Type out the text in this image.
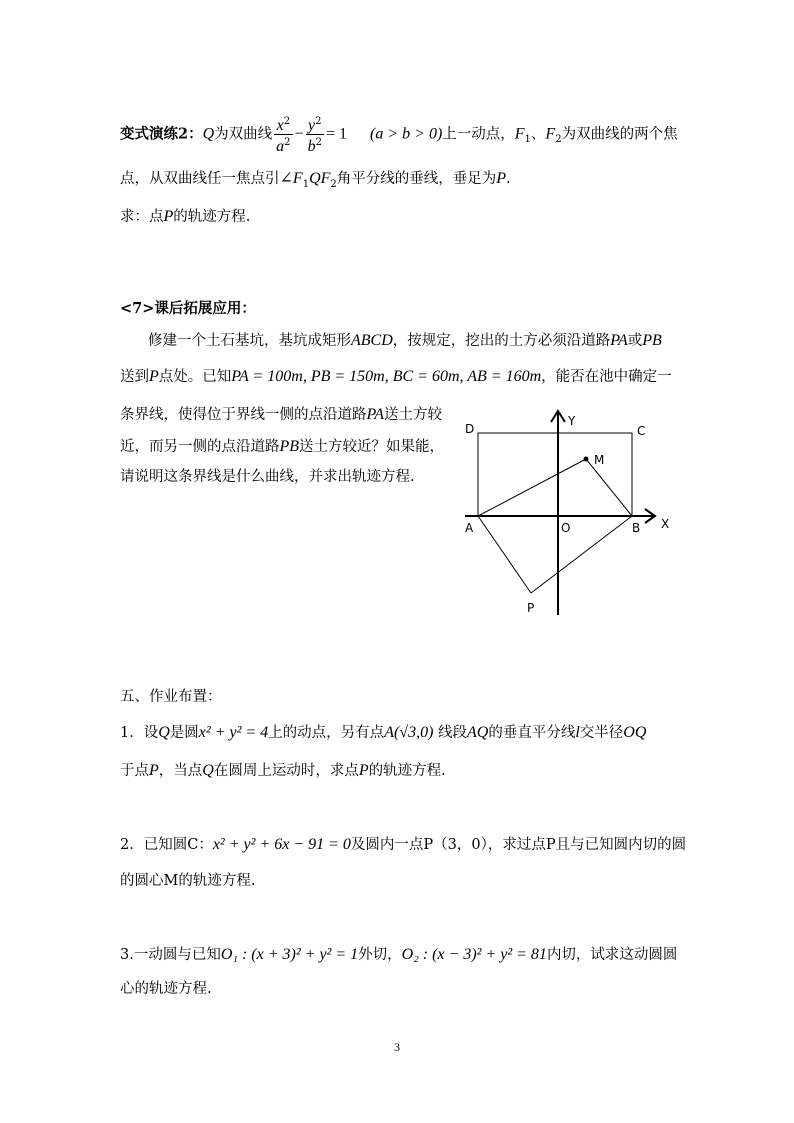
变式演练2：Q为双曲线 $\frac{x^2}{a^2} - \frac{y^2}{b^2} = 1$ (a > b > 0)上一动点，$F_1$、$F_2$为双曲线的两个焦
点，从双曲线任一焦点引$\angle F_1QF_2$角平分线的垂线，垂足为P.
求：点P的轨迹方程.
<7>课后拓展应用：
修建一个土石基坑，基坑成矩形ABCD，按规定，挖出的土方必须沿道路PA或PB
送到P点处。已知PA = 100m, PB = 150m, BC = 60m, AB = 160m，能否在池中确定一
条界线，使得位于界线一侧的点沿道路PA送土方较
近，而另一侧的点沿道路PB送土方较近？如果能，
请说明这条界线是什么曲线，并求出轨迹方程.
D	C
A	B
O
P
M
X
Y
五、作业布置：
1．设Q是圆x² + y² = 4上的动点，另有点A(√3,0) 线段AQ的垂直平分线l交半径OQ
于点P，当点Q在圆周上运动时，求点P的轨迹方程．
2．已知圆C：x² + y² + 6x − 91 = 0及圆内一点P（3，0），求过点P且与已知圆内切的圆
的圆心M的轨迹方程.
3.一动圆与已知O₁ : (x + 3)² + y² = 1外切，O₂ : (x − 3)² + y² = 81内切，试求这动圆圆
心的轨迹方程.
3
